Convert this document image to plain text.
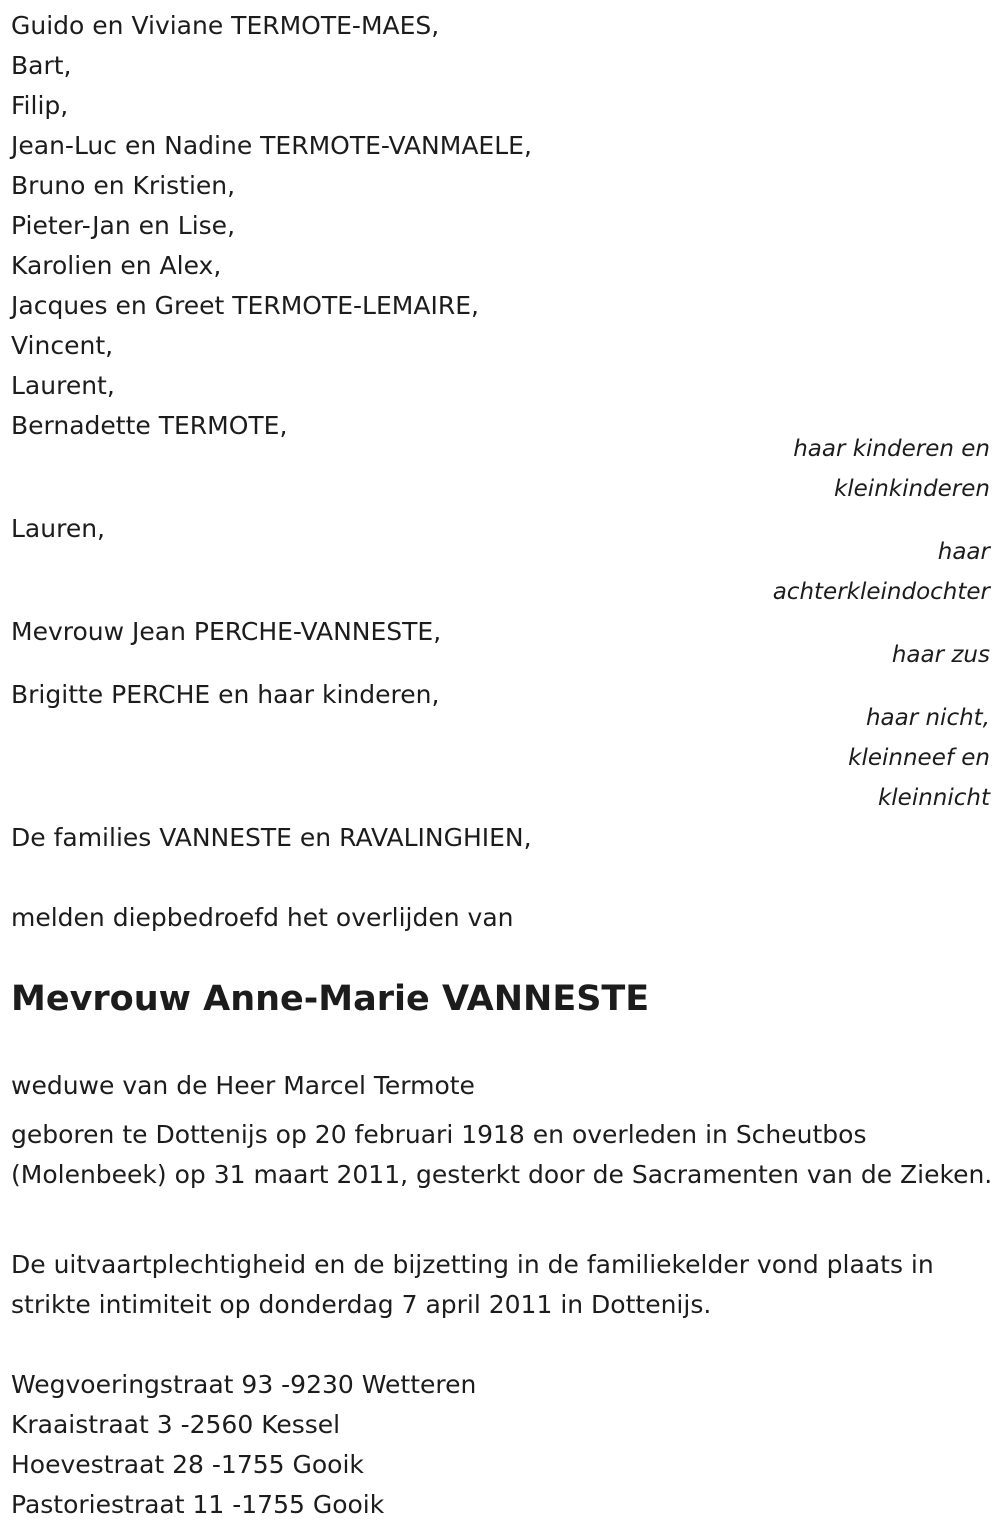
Guido en Viviane TERMOTE-MAES,
Bart,
Filip,
Jean-Luc en Nadine TERMOTE-VANMAELE,
Bruno en Kristien,
Pieter-Jan en Lise,
Karolien en Alex,
Jacques en Greet TERMOTE-LEMAIRE,
Vincent,
Laurent,
Bernadette TERMOTE,
haar kinderen en
kleinkinderen
Lauren,
haar
achterkleindochter
Mevrouw Jean PERCHE-VANNESTE,
haar zus
Brigitte PERCHE en haar kinderen,
haar nicht,
kleinneef en
kleinnicht
De families VANNESTE en RAVALINGHIEN,
melden diepbedroefd het overlijden van
Mevrouw Anne-Marie VANNESTE
weduwe van de Heer Marcel Termote
geboren te Dottenijs op 20 februari 1918 en overleden in Scheutbos (Molenbeek) op 31 maart 2011, gesterkt door de Sacramenten van de Zieken.
De uitvaartplechtigheid en de bijzetting in de familiekelder vond plaats in strikte intimiteit op donderdag 7 april 2011 in Dottenijs.
Wegvoeringstraat 93 -9230 Wetteren
Kraaistraat 3 -2560 Kessel
Hoevestraat 28 -1755 Gooik
Pastoriestraat 11 -1755 Gooik
